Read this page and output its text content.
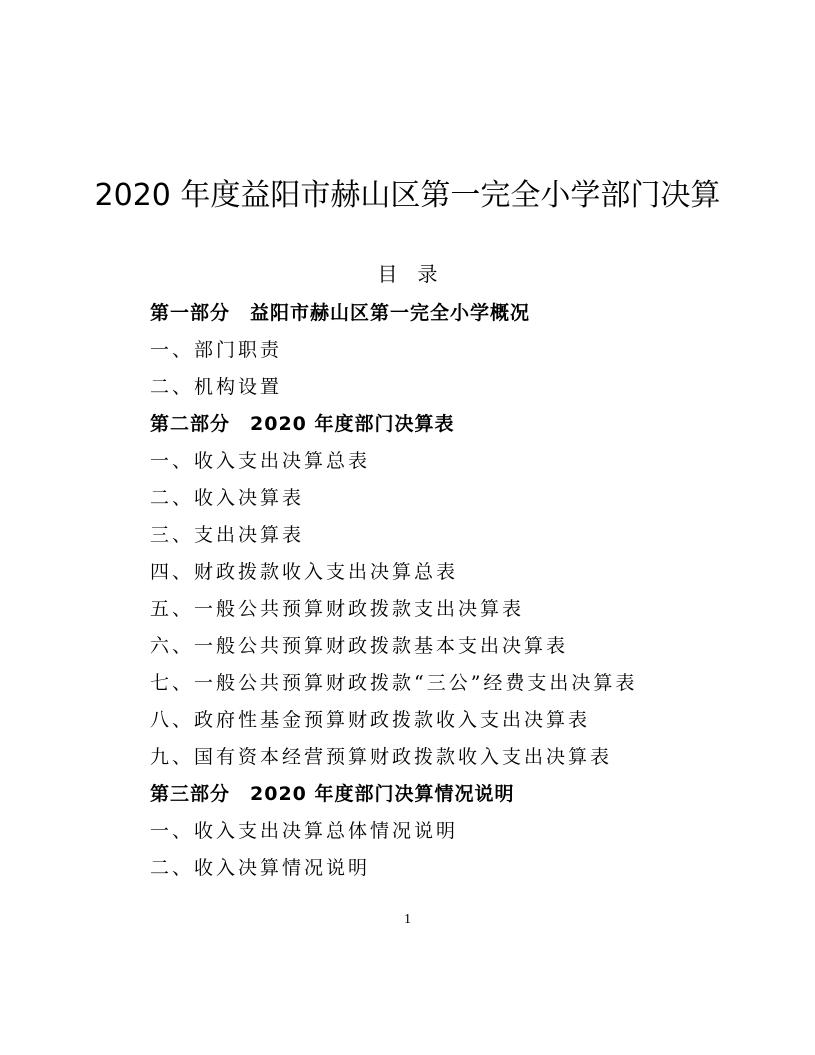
2020 年度益阳市赫山区第一完全小学部门决算
目　录
第一部分　益阳市赫山区第一完全小学概况
一、部门职责
二、机构设置
第二部分　2020 年度部门决算表
一、收入支出决算总表
二、收入决算表
三、支出决算表
四、财政拨款收入支出决算总表
五、一般公共预算财政拨款支出决算表
六、一般公共预算财政拨款基本支出决算表
七、一般公共预算财政拨款“三公”经费支出决算表
八、政府性基金预算财政拨款收入支出决算表
九、国有资本经营预算财政拨款收入支出决算表
第三部分　2020 年度部门决算情况说明
一、收入支出决算总体情况说明
二、收入决算情况说明
1
